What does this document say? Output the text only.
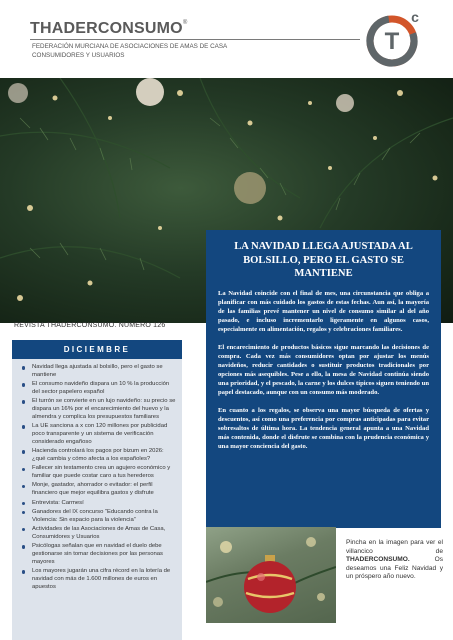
THADERCONSUMO®
FEDERACIÓN MURCIANA DE ASOCIACIONES DE AMAS DE CASA
CONSUMIDORES Y USUARIOS	T
c
LA NAVIDAD LLEGA AJUSTADA AL BOLSILLO, PERO EL GASTO SE MANTIENE

La Navidad coincide con el final de mes, una circunstancia que obliga a planificar con más cuidado los gastos de estas fechas. Aun así, la mayoría de las familias prevé mantener un nivel de consumo similar al del año pasado, e incluso incrementarlo ligeramente en algunos casos, especialmente en alimentación, regalos y celebraciones familiares.

El encarecimiento de productos básicos sigue marcando las decisiones de compra. Cada vez más consumidores optan por ajustar los menús navideños, reducir cantidades o sustituir productos tradicionales por opciones más asequibles. Pese a ello, la mesa de Navidad continúa siendo una prioridad, y el pescado, la carne y los dulces típicos siguen teniendo un papel destacado, aunque con un consumo más moderado.

En cuanto a los regalos, se observa una mayor búsqueda de ofertas y descuentos, así como una preferencia por compras anticipadas para evitar sobresaltos de última hora. La tendencia general apunta a una Navidad más contenida, donde el disfrute se combina con la prudencia económica y una mayor conciencia del gasto.

REVISTA THADERCONSUMO. NÚMERO 126
DICIEMBRE
Navidad llega ajustada al bolsillo, pero el gasto se mantiene
El consumo navideño dispara un 10 % la producción del sector papelero español
El turrón se convierte en un lujo navideño: su precio se dispara un 16% por el encarecimiento del huevo y la almendra y complica los presupuestos familiares
La UE sanciona a x con 120 millones por publicidad poco transparente y un sistema de verificación considerado engañoso
Hacienda controlará los pagos por bizum en 2026: ¿qué cambia y cómo afecta a los españoles?
Fallecer sin testamento crea un agujero económico y familiar que puede costar caro a tus herederos
Monje, gastador, ahorrador o evitador: el perfil financiero que mejor equilibra gastos y disfrute
Entrevista: Carmesí
Ganadores del IX concurso “Educando contra la Violencia: Sin espacio para la violencia”
Actividades de las Asociaciones de Amas de Casa, Consumidores y Usuarios
Psicólogas señalan que en navidad el duelo debe gestionarse sin tomar decisiones por las personas mayores
Los mayores jugarán una cifra récord en la lotería de navidad con más de 1.600 millones de euros en apuestos
Pincha en la imagen para ver el villancico de THADERCONSUMO.	Os deseamos una Feliz Navidad y un próspero año nuevo.
